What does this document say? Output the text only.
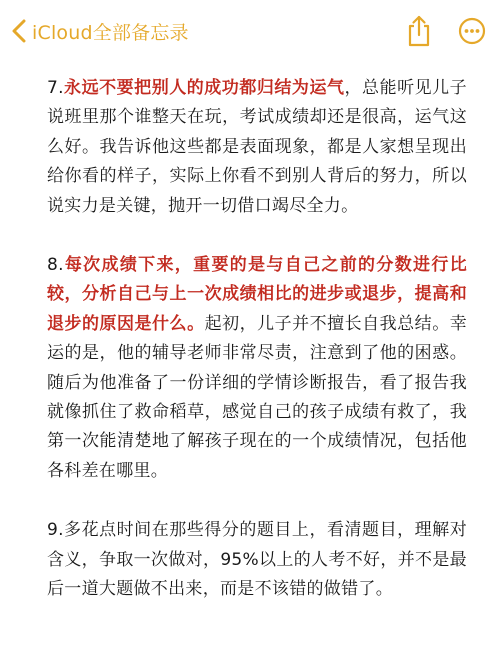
iCloud全部备忘录

7.永远不要把别人的成功都归结为运气，总能听见儿子说班里那个谁整天在玩，考试成绩却还是很高，运气这么好。我告诉他这些都是表面现象，都是人家想呈现出给你看的样子，实际上你看不到别人背后的努力，所以说实力是关键，抛开一切借口竭尽全力。

8.每次成绩下来，重要的是与自己之前的分数进行比较，分析自己与上一次成绩相比的进步或退步，提高和退步的原因是什么。起初，儿子并不擅长自我总结。幸运的是，他的辅导老师非常尽责，注意到了他的困惑。随后为他准备了一份详细的学情诊断报告，看了报告我就像抓住了救命稻草，感觉自己的孩子成绩有救了，我第一次能清楚地了解孩子现在的一个成绩情况，包括他各科差在哪里。

9.多花点时间在那些得分的题目上，看清题目，理解对含义，争取一次做对，95%以上的人考不好，并不是最后一道大题做不出来，而是不该错的做错了。
